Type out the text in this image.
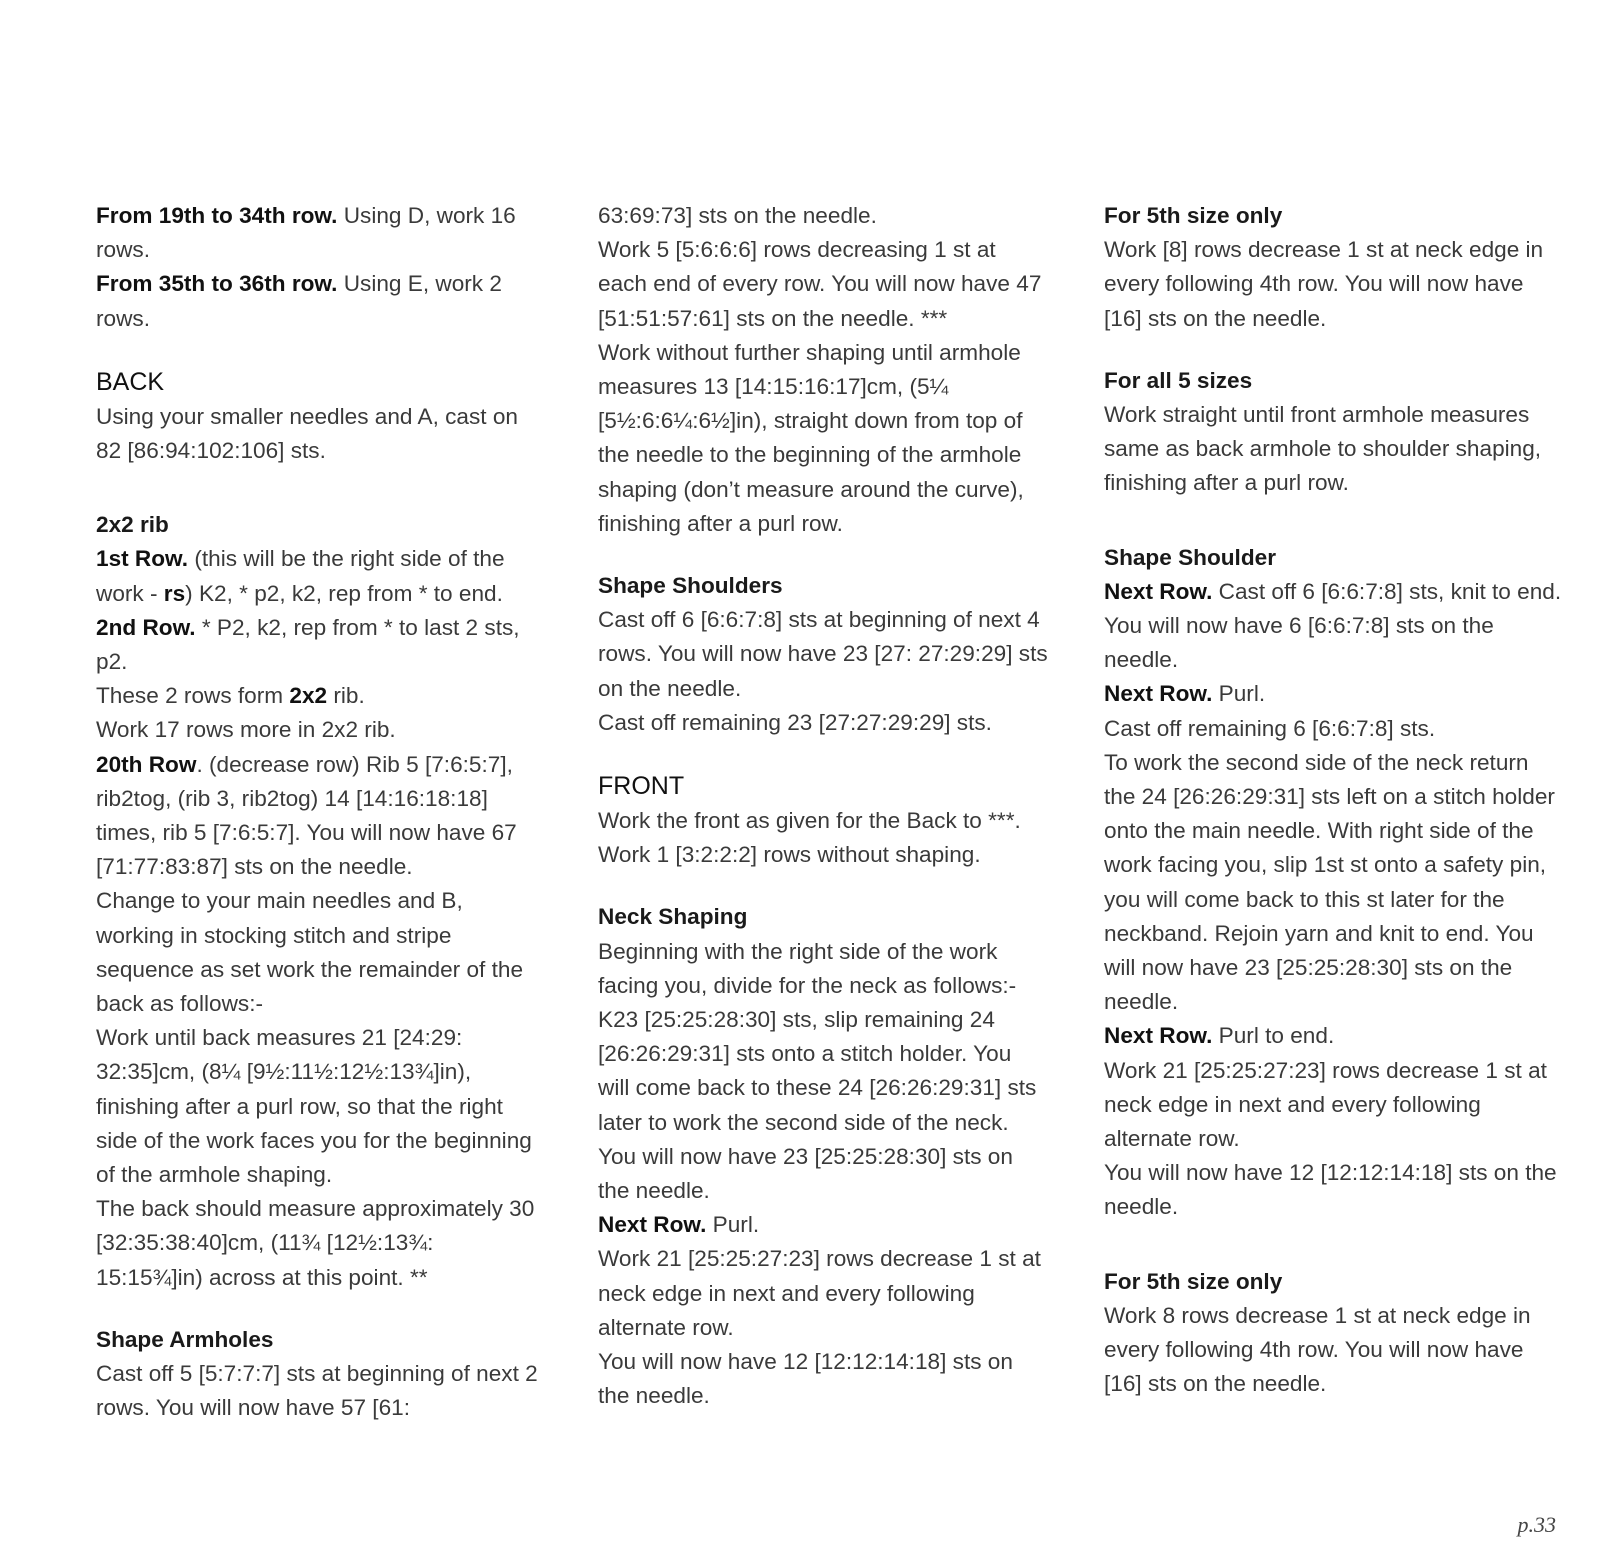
From 19th to 34th row. Using D, work 16 rows.

From 35th to 36th row. Using E, work 2 rows.

BACK

Using your smaller needles and A, cast on 82 [86:94:102:106] sts.

2x2 rib

1st Row. (this will be the right side of the work - rs) K2, * p2, k2, rep from * to end.

2nd Row. * P2, k2, rep from * to last 2 sts, p2.

These 2 rows form 2x2 rib.

Work 17 rows more in 2x2 rib.

20th Row. (decrease row) Rib 5 [7:6:5:7], rib2tog, (rib 3, rib2tog) 14 [14:16:18:18] times, rib 5 [7:6:5:7]. You will now have 67 [71:77:83:87] sts on the needle.

Change to your main needles and B, working in stocking stitch and stripe sequence as set work the remainder of the back as follows:-

Work until back measures 21 [24:29: 32:35]cm, (8¼ [9½:11½:12½:13¾]in), finishing after a purl row, so that the right side of the work faces you for the beginning of the armhole shaping.

The back should measure approximately 30 [32:35:38:40]cm, (11¾ [12½:13¾: 15:15¾]in) across at this point. **

Shape Armholes

Cast off 5 [5:7:7:7] sts at beginning of next 2 rows. You will now have 57 [61:

63:69:73] sts on the needle.

Work 5 [5:6:6:6] rows decreasing 1 st at each end of every row. You will now have 47 [51:51:57:61] sts on the needle. ***

Work without further shaping until armhole measures 13 [14:15:16:17]cm, (5¼ [5½:6:6¼:6½]in), straight down from top of the needle to the beginning of the armhole shaping (don’t measure around the curve), finishing after a purl row.

Shape Shoulders

Cast off 6 [6:6:7:8] sts at beginning of next 4 rows. You will now have 23 [27: 27:29:29] sts on the needle.

Cast off remaining 23 [27:27:29:29] sts.

FRONT

Work the front as given for the Back to ***.

Work 1 [3:2:2:2] rows without shaping.

Neck Shaping

Beginning with the right side of the work facing you, divide for the neck as follows:- K23 [25:25:28:30] sts, slip remaining 24 [26:26:29:31] sts onto a stitch holder. You will come back to these 24 [26:26:29:31] sts later to work the second side of the neck. You will now have 23 [25:25:28:30] sts on the needle.

Next Row. Purl.

Work 21 [25:25:27:23] rows decrease 1 st at neck edge in next and every following alternate row.

You will now have 12 [12:12:14:18] sts on the needle.

For 5th size only

Work [8] rows decrease 1 st at neck edge in every following 4th row. You will now have [16] sts on the needle.

For all 5 sizes

Work straight until front armhole measures same as back armhole to shoulder shaping, finishing after a purl row.

Shape Shoulder

Next Row. Cast off 6 [6:6:7:8] sts, knit to end. You will now have 6 [6:6:7:8] sts on the needle.

Next Row. Purl.

Cast off remaining 6 [6:6:7:8] sts.

To work the second side of the neck return the 24 [26:26:29:31] sts left on a stitch holder onto the main needle. With right side of the work facing you, slip 1st st onto a safety pin, you will come back to this st later for the neckband. Rejoin yarn and knit to end. You will now have 23 [25:25:28:30] sts on the needle.

Next Row. Purl to end.

Work 21 [25:25:27:23] rows decrease 1 st at neck edge in next and every following alternate row.

You will now have 12 [12:12:14:18] sts on the needle.

For 5th size only

Work 8 rows decrease 1 st at neck edge in every following 4th row. You will now have [16] sts on the needle.

p.33
